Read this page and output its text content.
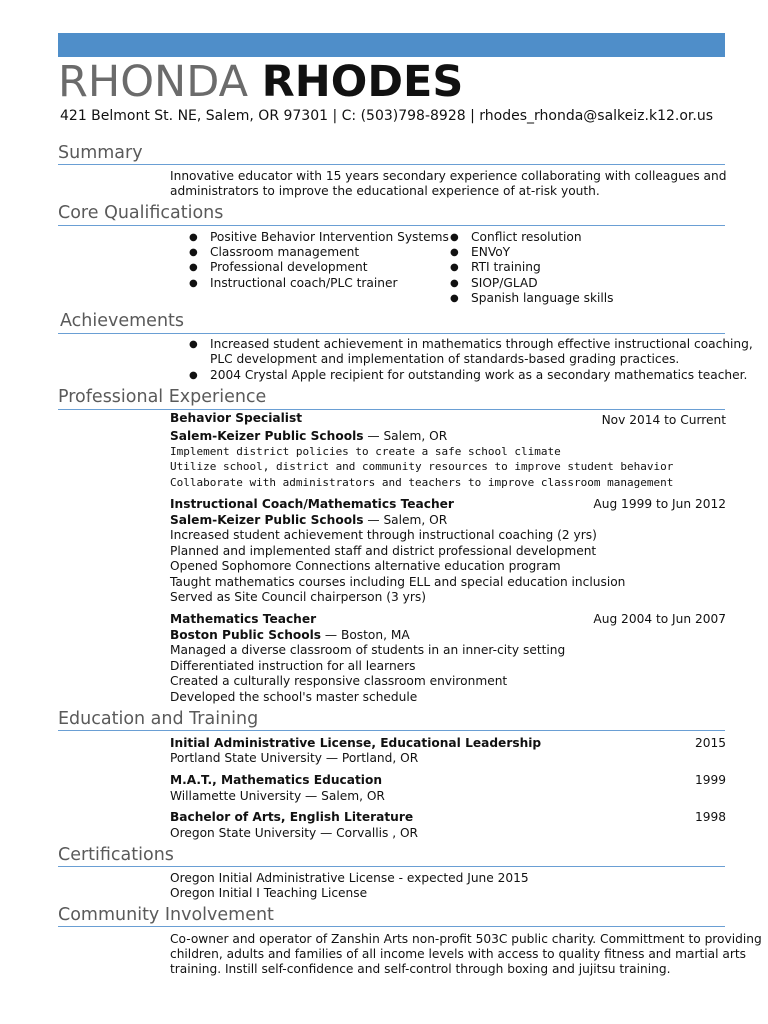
RHONDA RHODES
421 Belmont St. NE, Salem, OR 97301 | C: (503)798-8928 | rhodes_rhonda@salkeiz.k12.or.us
Summary
Innovative educator with 15 years secondary experience collaborating with colleagues and
administrators to improve the educational experience of at-risk youth.
Core Qualifications
● Positive Behavior Intervention Systems
● Classroom management
● Professional development
● Instructional coach/PLC trainer
● Conflict resolution
● ENVoY
● RTI training
● SIOP/GLAD
● Spanish language skills
Achievements
● Increased student achievement in mathematics through effective instructional coaching,
PLC development and implementation of standards-based grading practices.
● 2004 Crystal Apple recipient for outstanding work as a secondary mathematics teacher.
Professional Experience
Behavior Specialist	Nov 2014 to Current
Salem-Keizer Public Schools — Salem, OR
Implement district policies to create a safe school climate
Utilize school, district and community resources to improve student behavior
Collaborate with administrators and teachers to improve classroom management
Instructional Coach/Mathematics Teacher	Aug 1999 to Jun 2012
Salem-Keizer Public Schools — Salem, OR
Increased student achievement through instructional coaching (2 yrs)
Planned and implemented staff and district professional development
Opened Sophomore Connections alternative education program
Taught mathematics courses including ELL and special education inclusion
Served as Site Council chairperson (3 yrs)
Mathematics Teacher	Aug 2004 to Jun 2007
Boston Public Schools — Boston, MA
Managed a diverse classroom of students in an inner-city setting
Differentiated instruction for all learners
Created a culturally responsive classroom environment
Developed the school's master schedule
Education and Training
Initial Administrative License, Educational Leadership	2015
Portland State University — Portland, OR
M.A.T., Mathematics Education	1999
Willamette University — Salem, OR
Bachelor of Arts, English Literature	1998
Oregon State University — Corvallis , OR
Certifications
Oregon Initial Administrative License - expected June 2015
Oregon Initial I Teaching License
Community Involvement
Co-owner and operator of Zanshin Arts non-profit 503C public charity. Committment to providing
children, adults and families of all income levels with access to quality fitness and martial arts
training. Instill self-confidence and self-control through boxing and jujitsu training.
